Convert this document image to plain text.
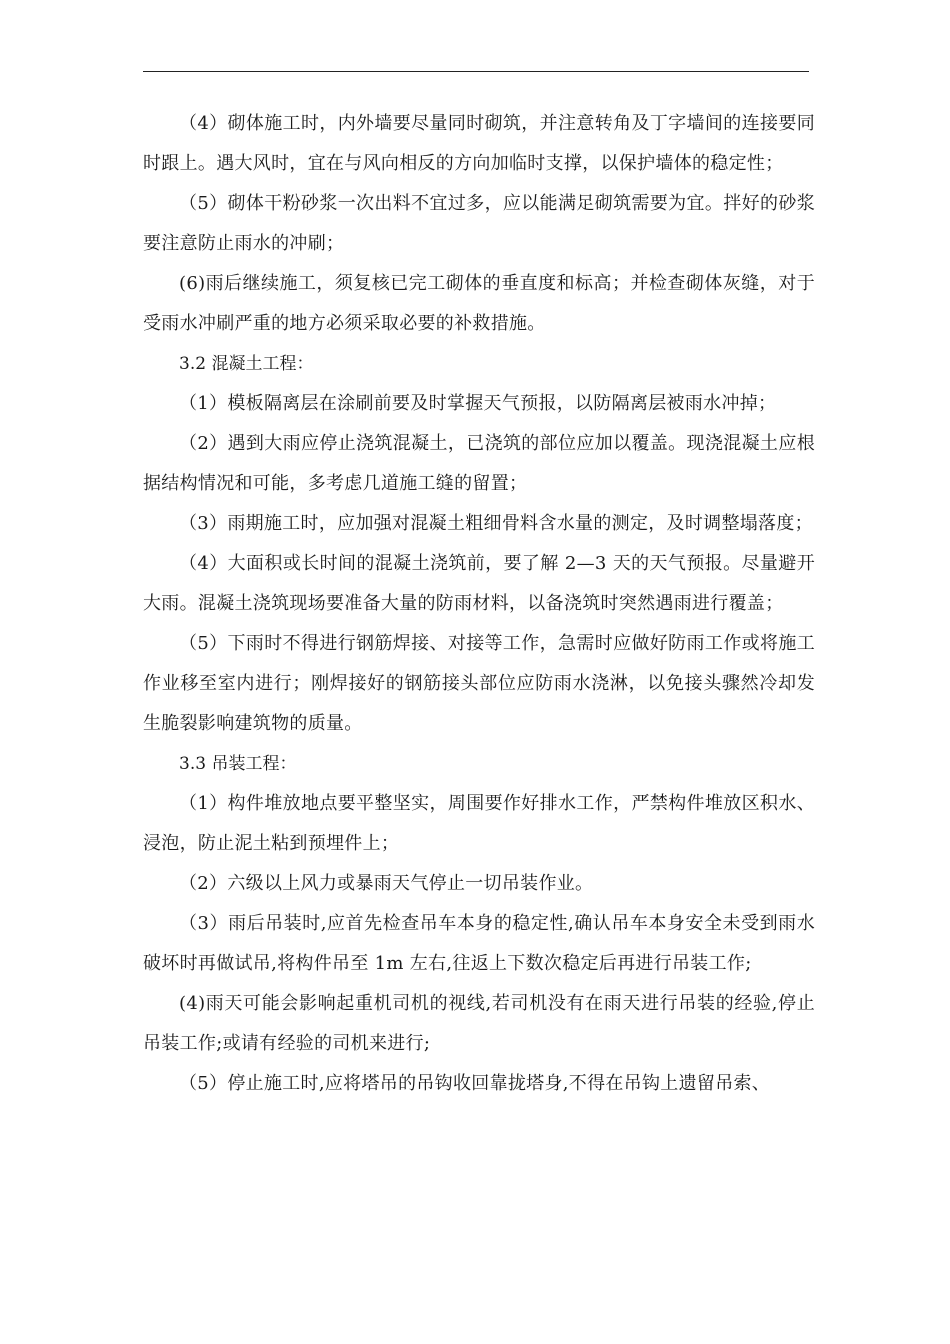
（4）砌体施工时，内外墙要尽量同时砌筑，并注意转角及丁字墙间的连接要同时跟上。遇大风时，宜在与风向相反的方向加临时支撑，以保护墙体的稳定性；

（5）砌体干粉砂浆一次出料不宜过多，应以能满足砌筑需要为宜。拌好的砂浆要注意防止雨水的冲刷；

(6)雨后继续施工，须复核已完工砌体的垂直度和标高；并检查砌体灰缝，对于受雨水冲刷严重的地方必须采取必要的补救措施。

3.2 混凝土工程：

（1）模板隔离层在涂刷前要及时掌握天气预报，以防隔离层被雨水冲掉；

（2）遇到大雨应停止浇筑混凝土，已浇筑的部位应加以覆盖。现浇混凝土应根据结构情况和可能，多考虑几道施工缝的留置；

（3）雨期施工时，应加强对混凝土粗细骨料含水量的测定，及时调整塌落度；

（4）大面积或长时间的混凝土浇筑前，要了解 2—3 天的天气预报。尽量避开大雨。混凝土浇筑现场要准备大量的防雨材料，以备浇筑时突然遇雨进行覆盖；

（5）下雨时不得进行钢筋焊接、对接等工作，急需时应做好防雨工作或将施工作业移至室内进行；刚焊接好的钢筋接头部位应防雨水浇淋，以免接头骤然冷却发生脆裂影响建筑物的质量。

3.3 吊装工程：

（1）构件堆放地点要平整坚实，周围要作好排水工作，严禁构件堆放区积水、浸泡，防止泥土粘到预埋件上；

（2）六级以上风力或暴雨天气停止一切吊装作业。

（3）雨后吊装时,应首先检查吊车本身的稳定性,确认吊车本身安全未受到雨水破坏时再做试吊,将构件吊至 1m 左右,往返上下数次稳定后再进行吊装工作;

(4)雨天可能会影响起重机司机的视线,若司机没有在雨天进行吊装的经验,停止吊装工作;或请有经验的司机来进行;

（5）停止施工时,应将塔吊的吊钩收回靠拢塔身,不得在吊钩上遗留吊索、
